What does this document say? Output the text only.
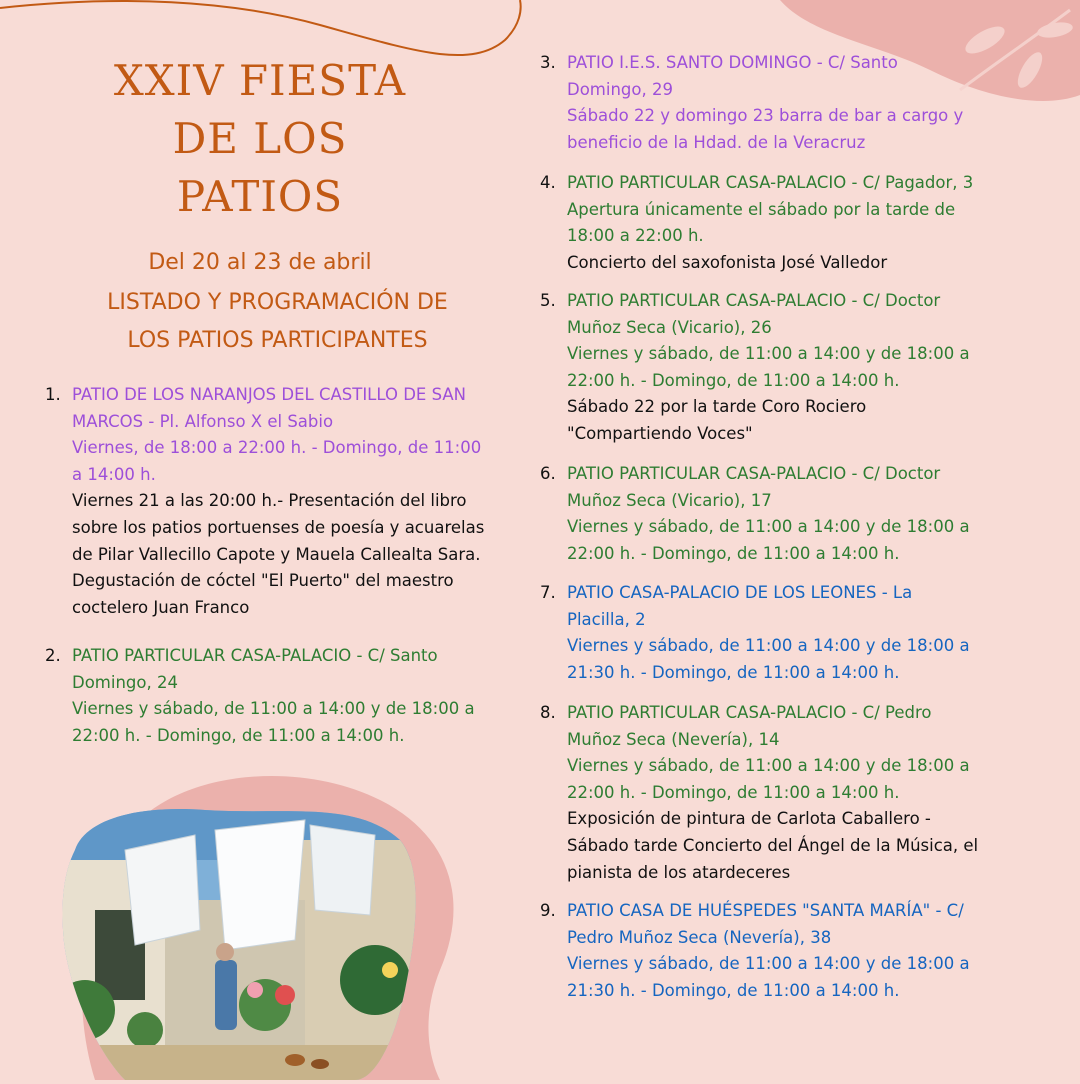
XXIV FIESTA
DE LOS
PATIOS
Del 20 al 23 de abril
LISTADO Y PROGRAMACIÓN DE
LOS PATIOS PARTICIPANTES
1. PATIO DE LOS NARANJOS DEL CASTILLO DE SAN
MARCOS - Pl. Alfonso X el Sabio
Viernes, de 18:00 a 22:00 h. - Domingo, de 11:00
a 14:00 h.
Viernes 21 a las 20:00 h.- Presentación del libro
sobre los patios portuenses de poesía y acuarelas
de Pilar Vallecillo Capote y Mauela Callealta Sara.
Degustación de cóctel "El Puerto" del maestro
coctelero Juan Franco
2. PATIO PARTICULAR CASA-PALACIO - C/ Santo
Domingo, 24
Viernes y sábado, de 11:00 a 14:00 y de 18:00 a
22:00 h. - Domingo, de 11:00 a 14:00 h.
3. PATIO I.E.S. SANTO DOMINGO - C/ Santo
Domingo, 29
Sábado 22 y domingo 23 barra de bar a cargo y
beneficio de la Hdad. de la Veracruz
4. PATIO PARTICULAR CASA-PALACIO - C/ Pagador, 3
Apertura únicamente el sábado por la tarde de
18:00 a 22:00 h.
Concierto del saxofonista José Valledor
5. PATIO PARTICULAR CASA-PALACIO - C/ Doctor
Muñoz Seca (Vicario), 26
Viernes y sábado, de 11:00 a 14:00 y de 18:00 a
22:00 h. - Domingo, de 11:00 a 14:00 h.
Sábado 22 por la tarde Coro Rociero
"Compartiendo Voces"
6. PATIO PARTICULAR CASA-PALACIO - C/ Doctor
Muñoz Seca (Vicario), 17
Viernes y sábado, de 11:00 a 14:00 y de 18:00 a
22:00 h. - Domingo, de 11:00 a 14:00 h.
7. PATIO CASA-PALACIO DE LOS LEONES - La
Placilla, 2
Viernes y sábado, de 11:00 a 14:00 y de 18:00 a
21:30 h. - Domingo, de 11:00 a 14:00 h.
8. PATIO PARTICULAR CASA-PALACIO - C/ Pedro
Muñoz Seca (Nevería), 14
Viernes y sábado, de 11:00 a 14:00 y de 18:00 a
22:00 h. - Domingo, de 11:00 a 14:00 h.
Exposición de pintura de Carlota Caballero -
Sábado tarde Concierto del Ángel de la Música, el
pianista de los atardeceres
9. PATIO CASA DE HUÉSPEDES "SANTA MARÍA" - C/
Pedro Muñoz Seca (Nevería), 38
Viernes y sábado, de 11:00 a 14:00 y de 18:00 a
21:30 h. - Domingo, de 11:00 a 14:00 h.
